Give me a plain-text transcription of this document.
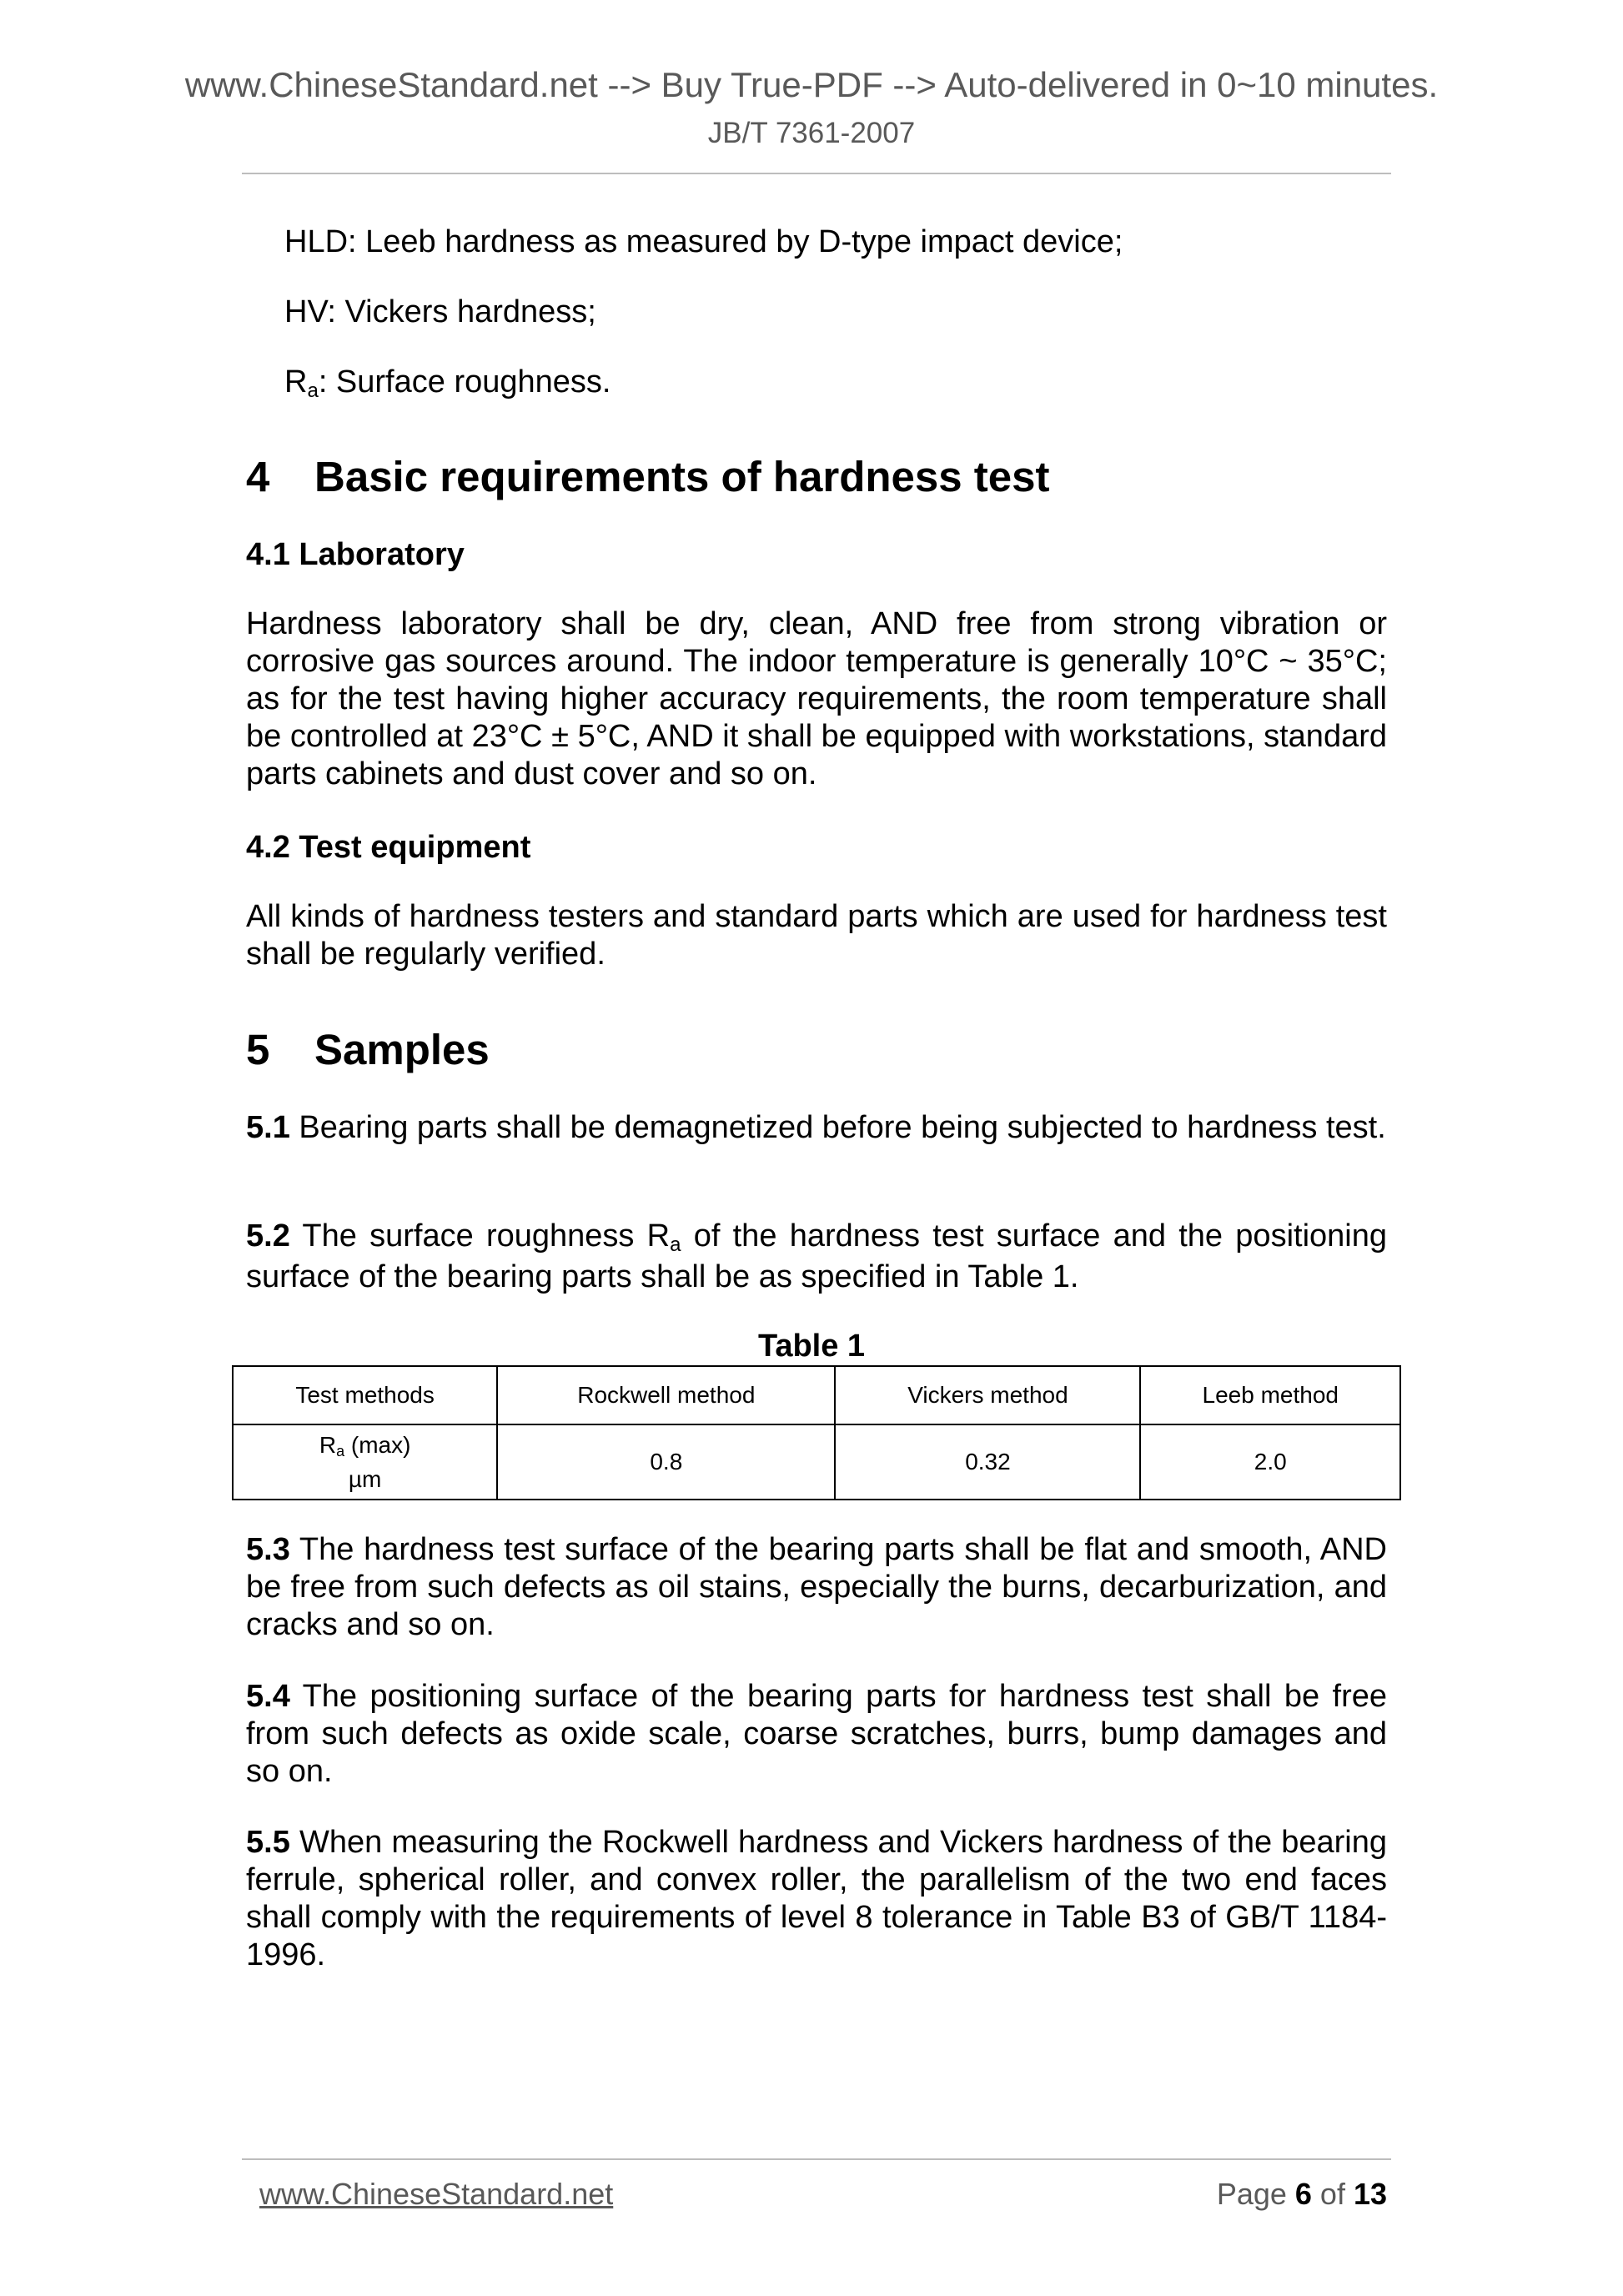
www.ChineseStandard.net --> Buy True-PDF --> Auto-delivered in 0~10 minutes.
JB/T 7361-2007

HLD: Leeb hardness as measured by D-type impact device;

HV: Vickers hardness;

Ra: Surface roughness.

4 Basic requirements of hardness test
4.1 Laboratory

Hardness laboratory shall be dry, clean, AND free from strong vibration or corrosive gas sources around. The indoor temperature is generally 10°C ~ 35°C; as for the test having higher accuracy requirements, the room temperature shall be controlled at 23°C ± 5°C, AND it shall be equipped with workstations, standard parts cabinets and dust cover and so on.

4.2 Test equipment

All kinds of hardness testers and standard parts which are used for hardness test shall be regularly verified.

5 Samples

5.1 Bearing parts shall be demagnetized before being subjected to hardness test.

5.2 The surface roughness Ra of the hardness test surface and the positioning surface of the bearing parts shall be as specified in Table 1.

Table 1
Test methods	Rockwell method	Vickers method	Leeb method
Ra (max)
µm	0.8	0.32	2.0

5.3 The hardness test surface of the bearing parts shall be flat and smooth, AND be free from such defects as oil stains, especially the burns, decarburization, and cracks and so on.

5.4 The positioning surface of the bearing parts for hardness test shall be free from such defects as oxide scale, coarse scratches, burrs, bump damages and so on.

5.5 When measuring the Rockwell hardness and Vickers hardness of the bearing ferrule, spherical roller, and convex roller, the parallelism of the two end faces shall comply with the requirements of level 8 tolerance in Table B3 of GB/T 1184-1996.

www.ChineseStandard.net	Page 6 of 13
